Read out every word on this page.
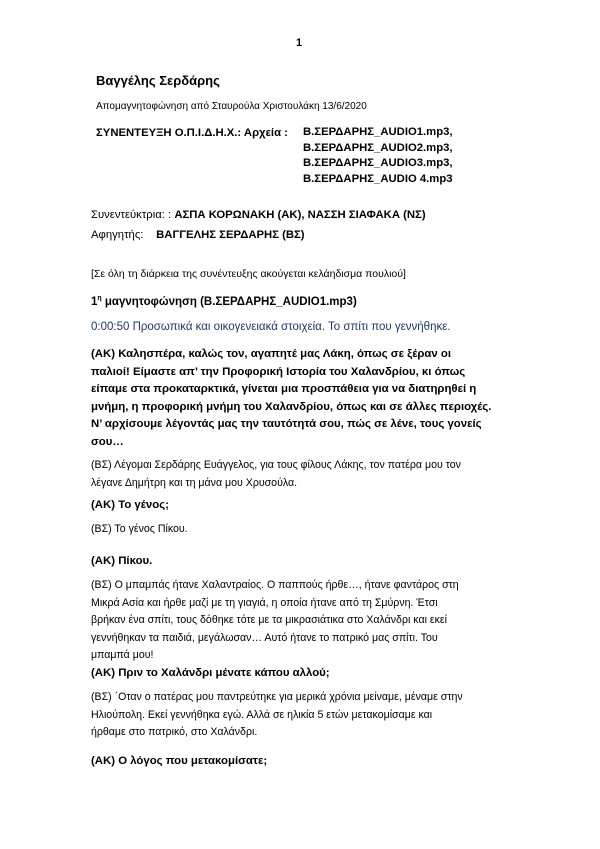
1
Βαγγέλης Σερδάρης
Απομαγνητοφώνηση από Σταυρούλα Χριστουλάκη 13/6/2020
ΣΥΝΕΝΤΕΥΞΗ Ο.Π.Ι.Δ.Η.Χ.: Αρχεία : Β.ΣΕΡΔΑΡΗΣ_AUDIO1.mp3,
Β.ΣΕΡΔΑΡΗΣ_AUDIO2.mp3,
Β.ΣΕΡΔΑΡΗΣ_AUDIO3.mp3,
Β.ΣΕΡΔΑΡΗΣ_AUDIO 4.mp3
Συνεντεύκτρια: : ΑΣΠΑ ΚΟΡΩΝΑΚΗ (ΑΚ), ΝΑΣΣΗ ΣΙΑΦΑΚΑ (ΝΣ)
Αφηγητής: ΒΑΓΓΕΛΗΣ ΣΕΡΔΑΡΗΣ (ΒΣ)
[Σε όλη τη διάρκεια της συνέντευξης ακούγεται κελάηδισμα πουλιού]
$1^\eta$ μαγνητοφώνηση (Β.ΣΕΡΔΑΡΗΣ_AUDIO1.mp3)
0:00:50 Προσωπικά και οικογενειακά στοιχεία. Το σπίτι που γεννήθηκε.
(ΑΚ) Καλησπέρα, καλώς τον, αγαπητέ μας Λάκη, όπως σε ξέραν οι
παλιοί! Είμαστε απ’ την Προφορική Ιστορία του Χαλανδρίου, κι όπως
είπαμε στα προκαταρκτικά, γίνεται μια προσπάθεια για να διατηρηθεί η
μνήμη, η προφορική μνήμη του Χαλανδρίου, όπως και σε άλλες περιοχές.
Ν’ αρχίσουμε λέγοντάς μας την ταυτότητά σου, πώς σε λένε, τους γονείς
σου…
(ΒΣ) Λέγομαι Σερδάρης Ευάγγελος, για τους φίλους Λάκης, τον πατέρα μου τον
λέγανε Δημήτρη και τη μάνα μου Χρυσούλα.
(ΑΚ) Το γένος;
(ΒΣ) Το γένος Πίκου.
(ΑΚ) Πίκου.
(ΒΣ) Ο μπαμπάς ήτανε Χαλαντραίος. Ο παππούς ήρθε…, ήτανε φαντάρος στη
Μικρά Ασία και ήρθε μαζί με τη γιαγιά, η οποία ήτανε από τη Σμύρνη. Έτσι
βρήκαν ένα σπίτι, τους δόθηκε τότε με τα μικρασιάτικα στο Χαλάνδρι και εκεί
γεννήθηκαν τα παιδιά, μεγάλωσαν… Αυτό ήτανε το πατρικό μας σπίτι. Του
μπαμπά μου!
(ΑΚ) Πριν το Χαλάνδρι μένατε κάπου αλλού;
(ΒΣ) ΄Οταν ο πατέρας μου παντρεύτηκε για μερικά χρόνια μείναμε, μέναμε στην
Ηλιούπολη. Εκεί γεννήθηκα εγώ. Αλλά σε ηλικία 5 ετών μετακομίσαμε και
ήρθαμε στο πατρικό, στο Χαλάνδρι.
(ΑΚ) Ο λόγος που μετακομίσατε;
